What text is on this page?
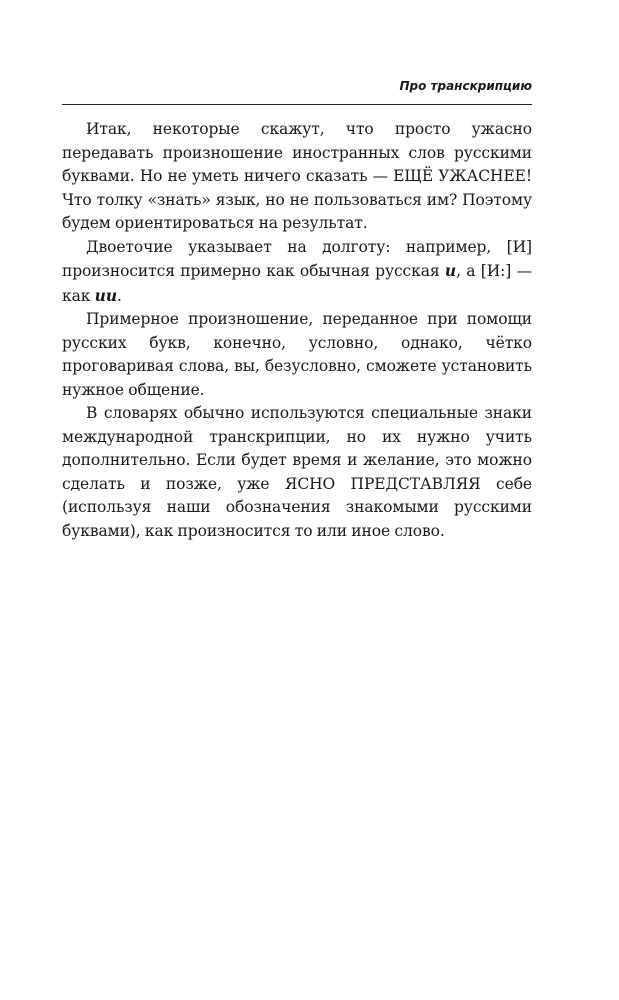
Про транскрипцию

Итак, некоторые скажут, что просто ужасно передавать произношение иностранных слов русскими буквами. Но не уметь ничего сказать — ЕЩЁ УЖАСНЕЕ! Что толку «знать» язык, но не пользоваться им? Поэтому будем ориентироваться на результат.

Двоеточие указывает на долготу: например, [И] произносится примерно как обычная русская и, а [И:] — как ии.

Примерное произношение, переданное при помощи русских букв, конечно, условно, однако, чётко проговаривая слова, вы, безусловно, сможете установить нужное общение.

В словарях обычно используются специальные знаки международной транскрипции, но их нужно учить дополнительно. Если будет время и желание, это можно сделать и позже, уже ЯСНО ПРЕДСТАВЛЯЯ себе (используя наши обозначения знакомыми русскими буквами), как произносится то или иное слово.
